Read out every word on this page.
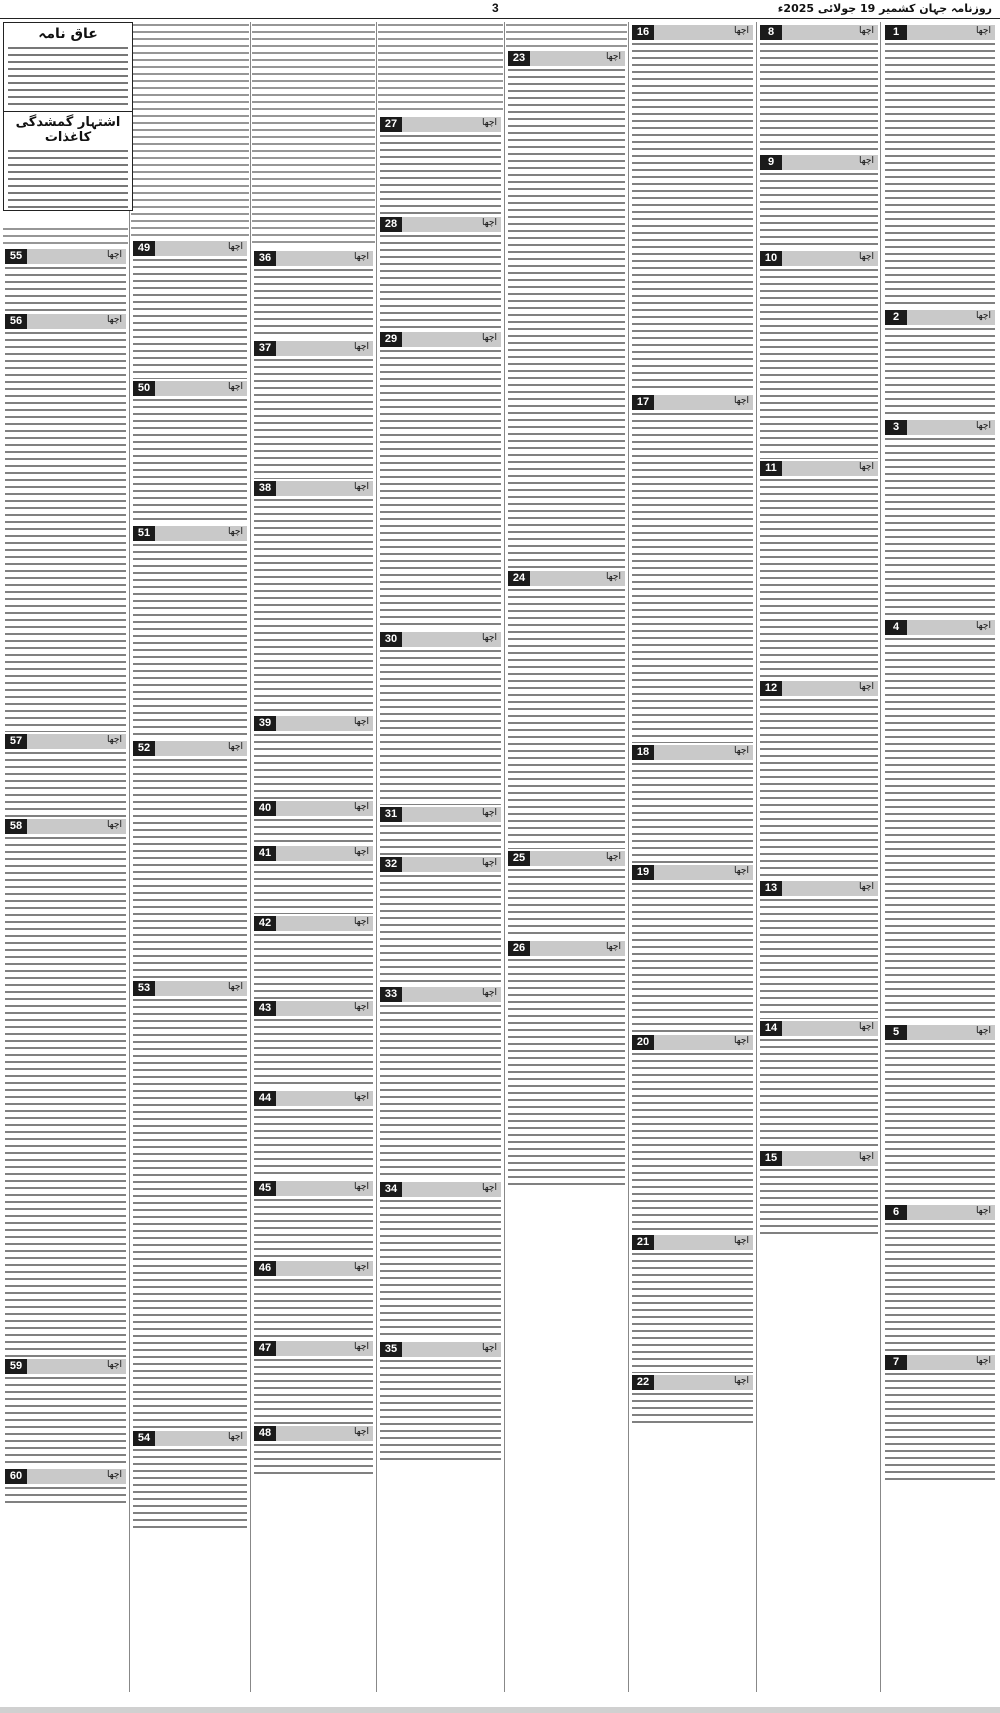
3	روزنامہ جہان کشمیر 19 جولائی 2025ء
1	اچھا
2	اچھا
3	اچھا
4	اچھا
5	اچھا
6	اچھا
7	اچھا
8	اچھا
9	اچھا
10	اچھا
11	اچھا
12	اچھا
13	اچھا
14	اچھا
15	اچھا
16	اچھا
17	اچھا
18	اچھا
19	اچھا
20	اچھا
21	اچھا
22	اچھا
23	اچھا
24	اچھا
25	اچھا
26	اچھا
27	اچھا
28	اچھا
29	اچھا
30	اچھا
31	اچھا
32	اچھا
33	اچھا
34	اچھا
35	اچھا
36	اچھا
37	اچھا
38	اچھا
39	اچھا
40	اچھا
41	اچھا
42	اچھا
43	اچھا
44	اچھا
45	اچھا
46	اچھا
47	اچھا
48	اچھا
49	اچھا
50	اچھا
51	اچھا
52	اچھا
53	اچھا
54	اچھا
55	اچھا
56	اچھا
57	اچھا
58	اچھا
59	اچھا
60	اچھا
عاق نامہ
اشتہار گمشدگی کاغذات
